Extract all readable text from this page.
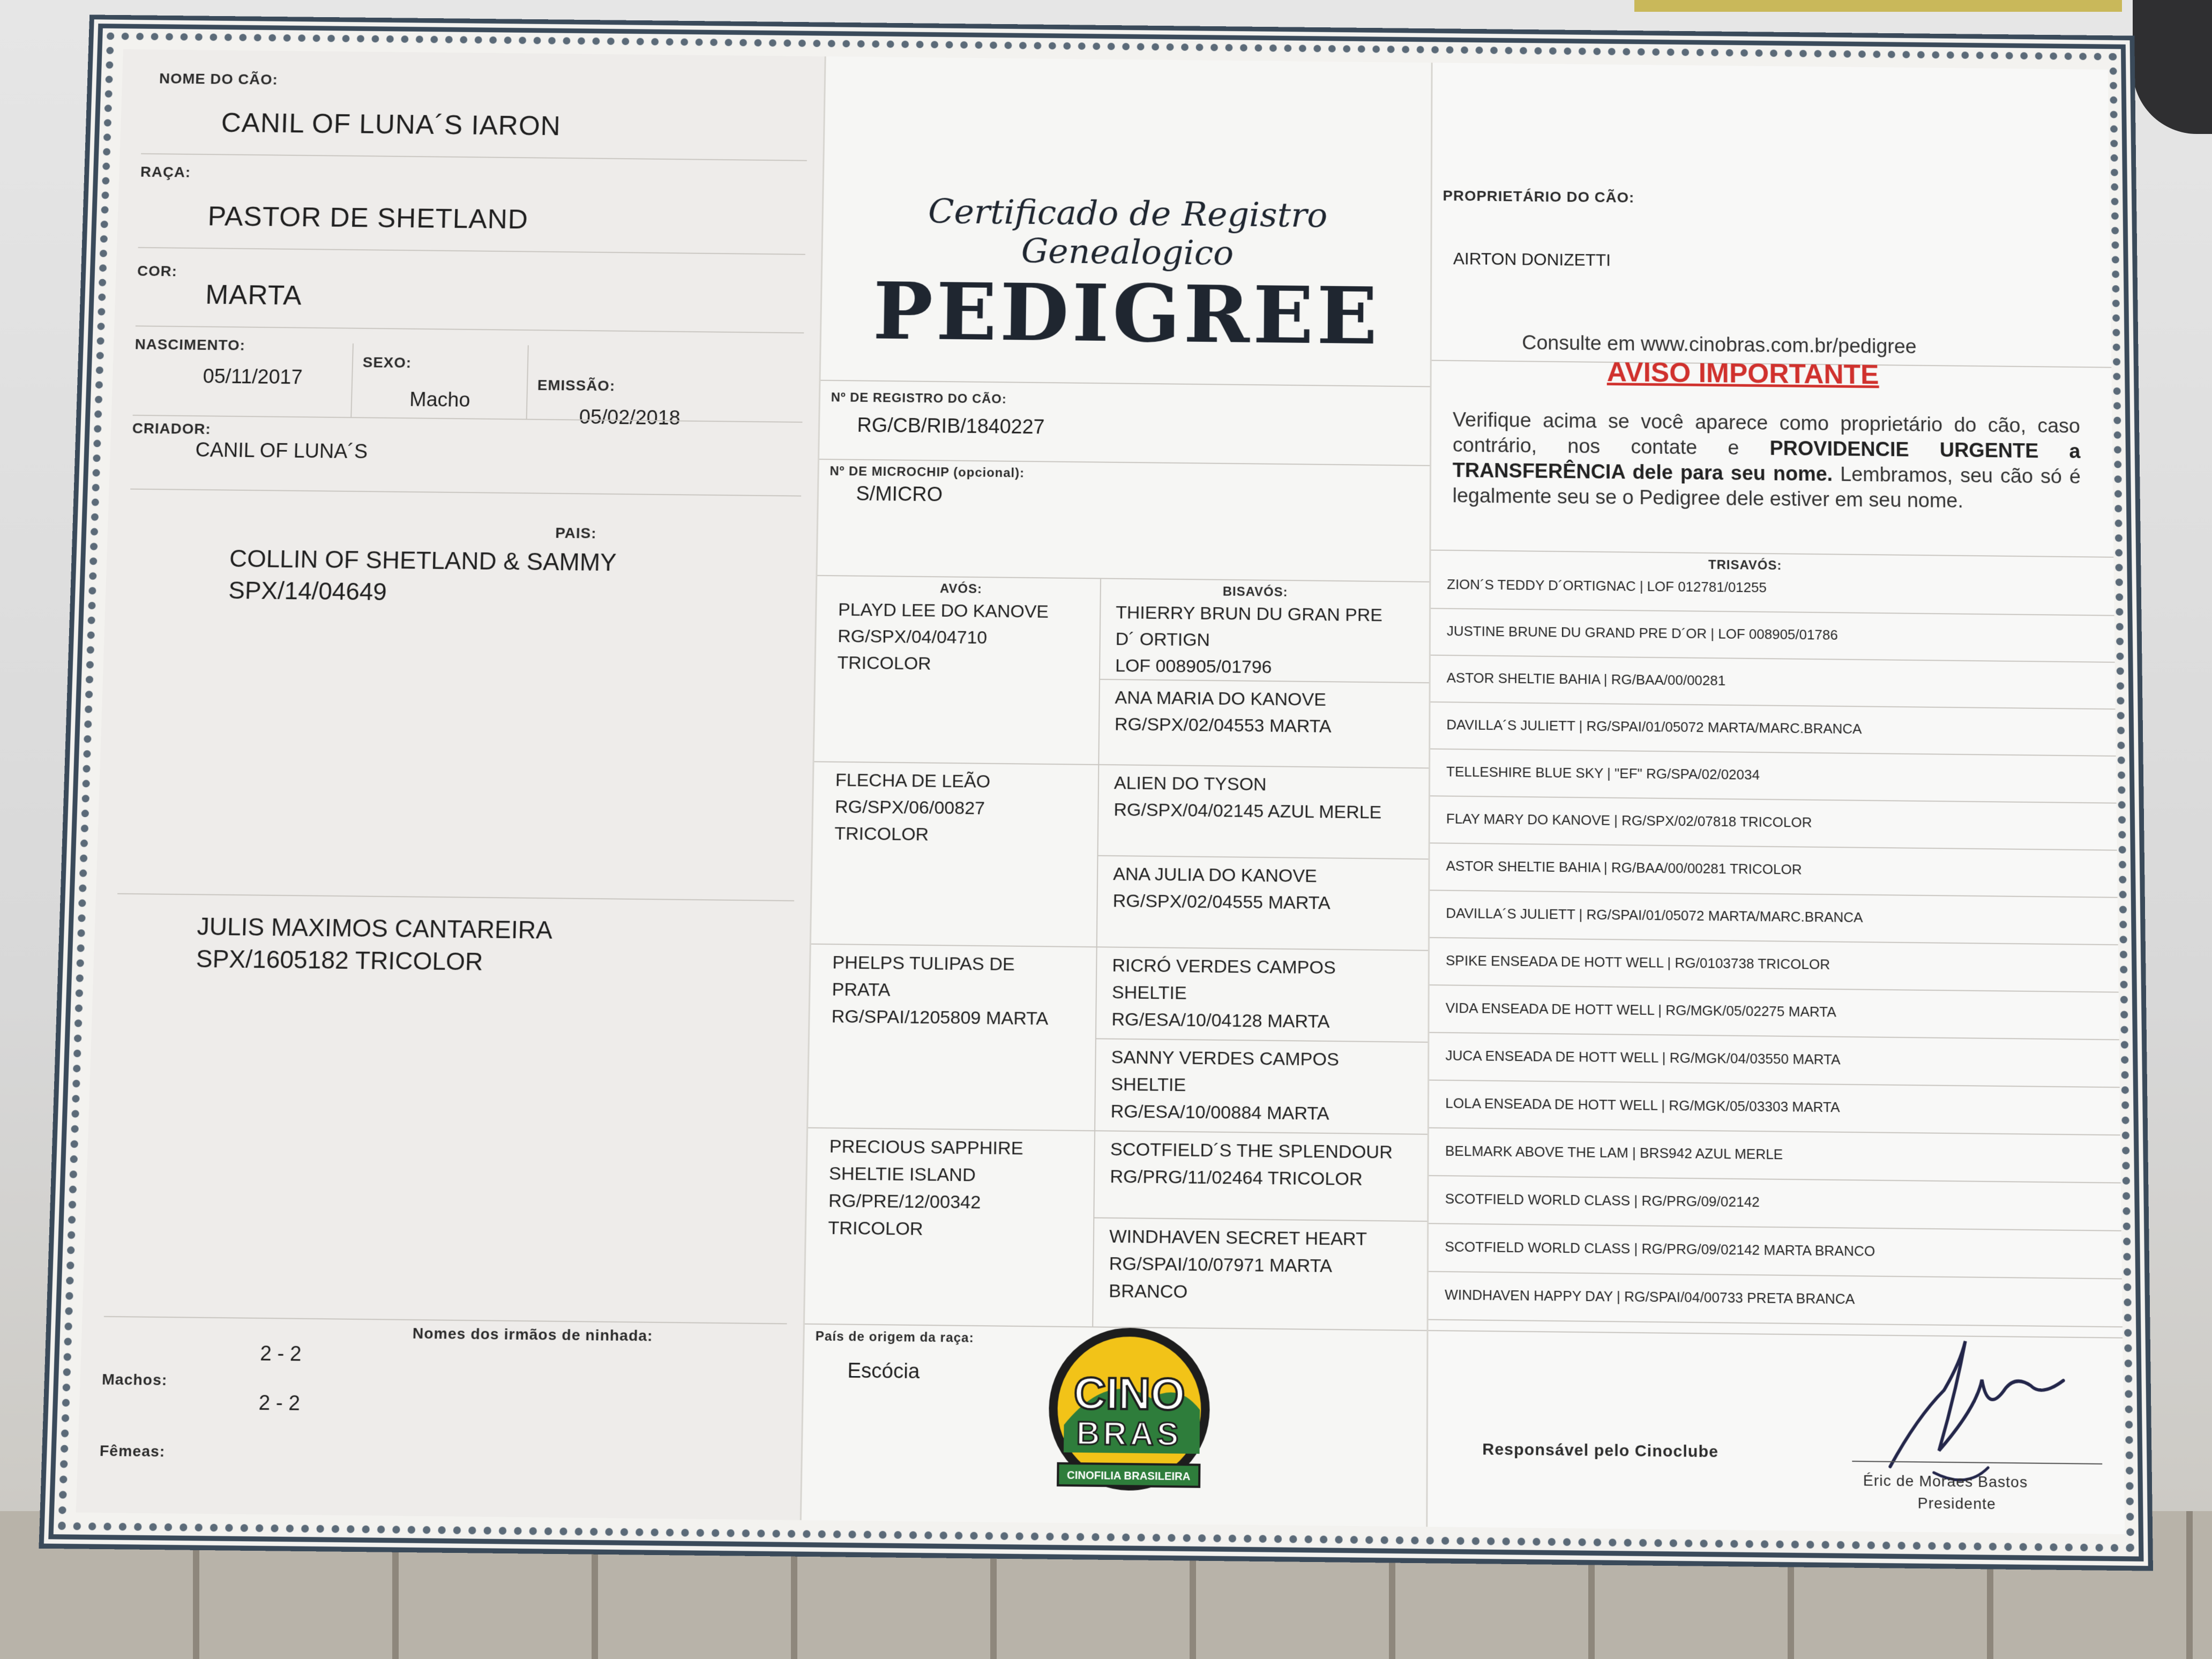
NOME DO CÃO:
CANIL OF LUNA´S IARON
RAÇA:
PASTOR DE SHETLAND
COR:
MARTA
NASCIMENTO:
05/11/2017
SEXO:
Macho
EMISSÃO:
05/02/2018
CRIADOR:
CANIL OF LUNA´S
PAIS:
COLLIN OF SHETLAND & SAMMY
SPX/14/04649
JULIS MAXIMOS CANTAREIRA
SPX/1605182 TRICOLOR
Nomes dos irmãos de ninhada:
2 - 2
Machos:
2 - 2
Fêmeas:
Certificado de Registro Genealogico
PEDIGREE
Nº DE REGISTRO DO CÃO:
RG/CB/RIB/1840227
Nº DE MICROCHIP (opcional):
S/MICRO
AVÓS:	BISAVÓS:
PLAYD LEE DO KANOVE
RG/SPX/04/04710
TRICOLOR
FLECHA DE LEÃO
RG/SPX/06/00827
TRICOLOR
PHELPS TULIPAS DE
PRATA
RG/SPAI/1205809 MARTA
PRECIOUS SAPPHIRE
SHELTIE ISLAND
RG/PRE/12/00342
TRICOLOR
THIERRY BRUN DU GRAN PRE
D´ ORTIGN
LOF 008905/01796
ANA MARIA DO KANOVE
RG/SPX/02/04553 MARTA
ALIEN DO TYSON
RG/SPX/04/02145 AZUL MERLE
ANA JULIA DO KANOVE
RG/SPX/02/04555 MARTA
RICRÓ VERDES CAMPOS
SHELTIE
RG/ESA/10/04128 MARTA
SANNY VERDES CAMPOS
SHELTIE
RG/ESA/10/00884 MARTA
SCOTFIELD´S THE SPLENDOUR
RG/PRG/11/02464 TRICOLOR
WINDHAVEN SECRET HEART
RG/SPAI/10/07971 MARTA
BRANCO
País de origem da raça:
Escócia	CINO
BRAS
CINOFILIA BRASILEIRA
PROPRIETÁRIO DO CÃO:
AIRTON DONIZETTI
Consulte em www.cinobras.com.br/pedigree
AVISO IMPORTANTE
Verifique acima se você aparece como proprietário do cão, caso contrário, nos contate e PROVIDENCIE URGENTE a TRANSFERÊNCIA dele para seu nome. Lembramos, seu cão só é legalmente seu se o Pedigree dele estiver em seu nome.
TRISAVÓS:
ZION´S TEDDY D´ORTIGNAC | LOF 012781/01255
JUSTINE BRUNE DU GRAND PRE D´OR | LOF 008905/01786
ASTOR SHELTIE BAHIA | RG/BAA/00/00281
DAVILLA´S JULIETT | RG/SPAI/01/05072 MARTA/MARC.BRANCA
TELLESHIRE BLUE SKY | "EF" RG/SPA/02/02034
FLAY MARY DO KANOVE | RG/SPX/02/07818 TRICOLOR
ASTOR SHELTIE BAHIA | RG/BAA/00/00281 TRICOLOR
DAVILLA´S JULIETT | RG/SPAI/01/05072 MARTA/MARC.BRANCA
SPIKE ENSEADA DE HOTT WELL | RG/0103738 TRICOLOR
VIDA ENSEADA DE HOTT WELL | RG/MGK/05/02275 MARTA
JUCA ENSEADA DE HOTT WELL | RG/MGK/04/03550 MARTA
LOLA ENSEADA DE HOTT WELL | RG/MGK/05/03303 MARTA
BELMARK ABOVE THE LAM | BRS942 AZUL MERLE
SCOTFIELD WORLD CLASS | RG/PRG/09/02142
SCOTFIELD WORLD CLASS | RG/PRG/09/02142 MARTA BRANCO
WINDHAVEN HAPPY DAY | RG/SPAI/04/00733 PRETA BRANCA
Responsável pelo Cinoclube
Éric de Moraes Bastos
Presidente
